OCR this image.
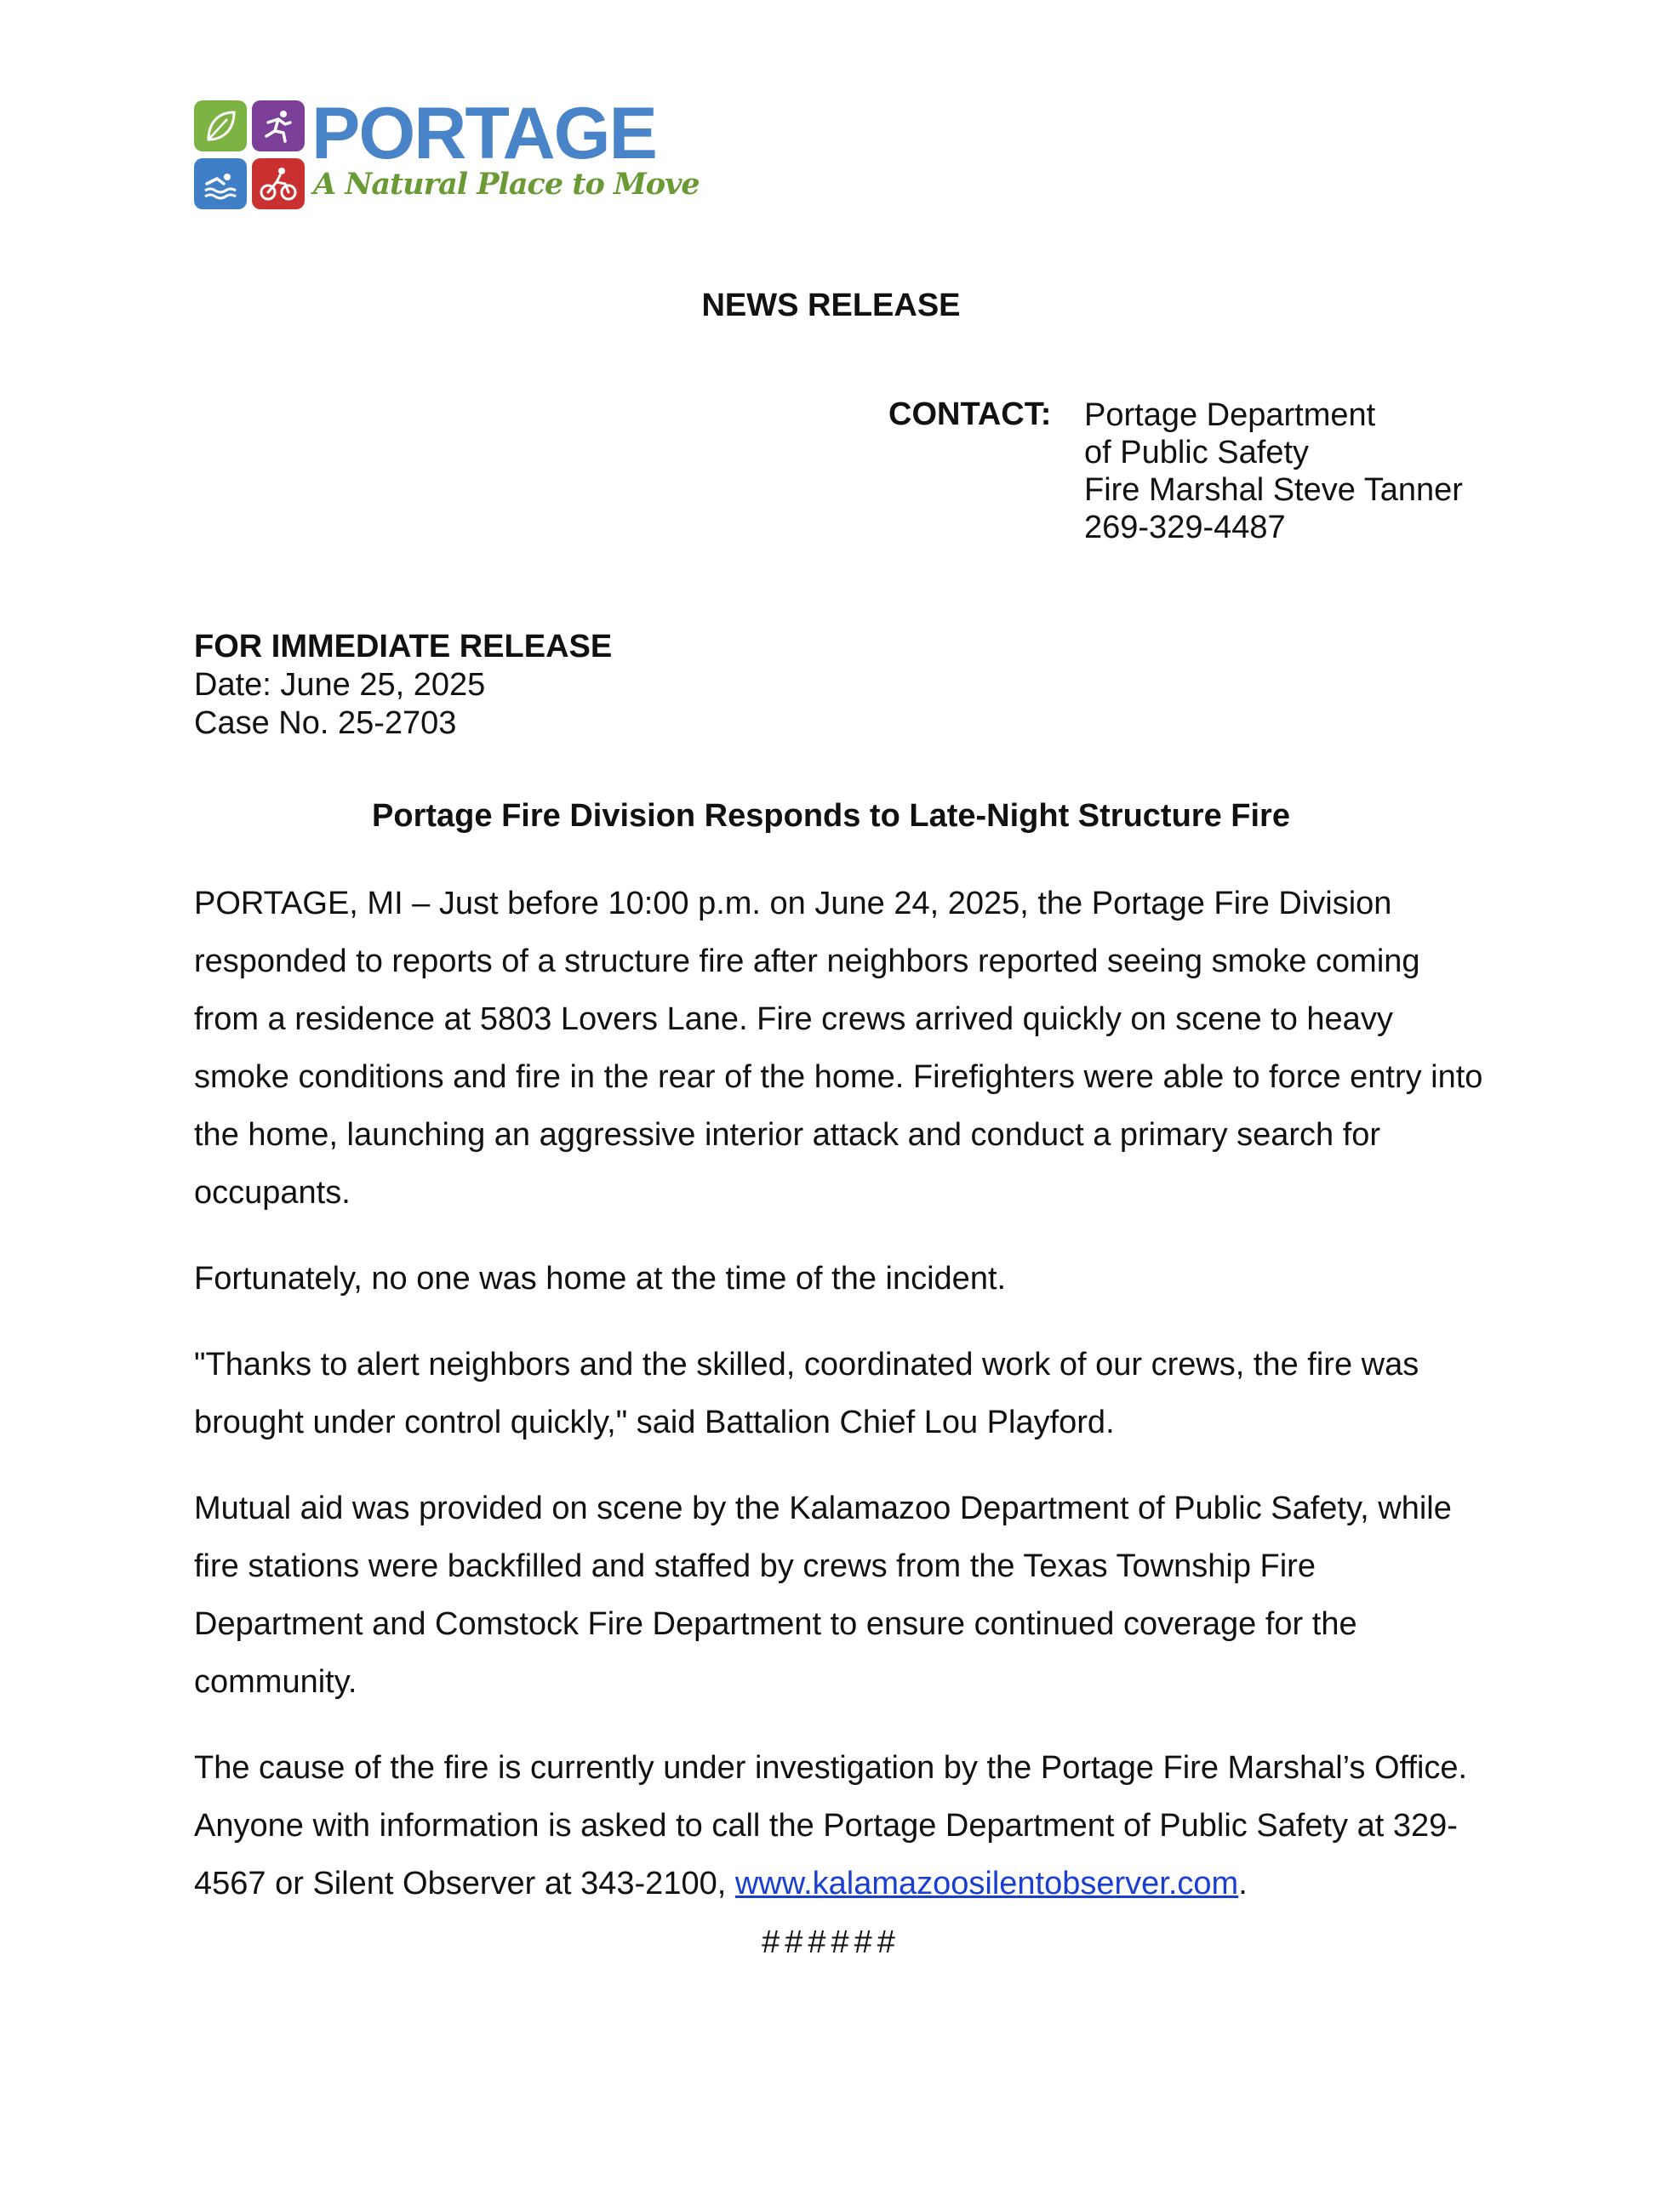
PORTAGE
A Natural Place to Move
NEWS RELEASE
CONTACT: Portage Department
of Public Safety
Fire Marshal Steve Tanner
269-329-4487
FOR IMMEDIATE RELEASE
Date: June 25, 2025
Case No. 25-2703
Portage Fire Division Responds to Late-Night Structure Fire

PORTAGE, MI – Just before 10:00 p.m. on June 24, 2025, the Portage Fire Division responded to reports of a structure fire after neighbors reported seeing smoke coming from a residence at 5803 Lovers Lane. Fire crews arrived quickly on scene to heavy smoke conditions and fire in the rear of the home. Firefighters were able to force entry into the home, launching an aggressive interior attack and conduct a primary search for occupants.

Fortunately, no one was home at the time of the incident.

"Thanks to alert neighbors and the skilled, coordinated work of our crews, the fire was brought under control quickly," said Battalion Chief Lou Playford.

Mutual aid was provided on scene by the Kalamazoo Department of Public Safety, while fire stations were backfilled and staffed by crews from the Texas Township Fire Department and Comstock Fire Department to ensure continued coverage for the community.

The cause of the fire is currently under investigation by the Portage Fire Marshal’s Office. Anyone with information is asked to call the Portage Department of Public Safety at 329-4567 or Silent Observer at 343-2100, www.kalamazoosilentobserver.com.

######
